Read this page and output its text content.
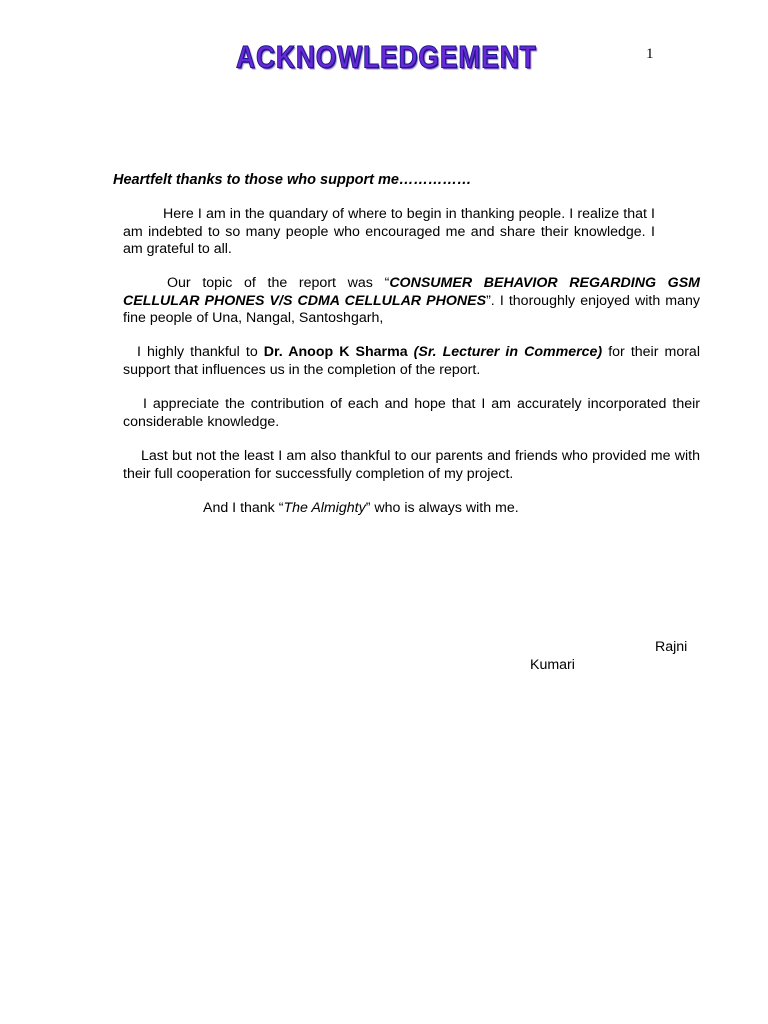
ACKNOWLEDGEMENT	1
Heartfelt thanks to those who support me……………
Here I am in the quandary of where to begin in thanking people. I realize that I am indebted to so many people who encouraged me and share their knowledge. I am grateful to all.
Our topic of the report was “CONSUMER BEHAVIOR REGARDING GSM CELLULAR PHONES V/S CDMA CELLULAR PHONES”. I thoroughly enjoyed with many fine people of Una, Nangal, Santoshgarh,
I highly thankful to Dr. Anoop K Sharma (Sr. Lecturer in Commerce) for their moral support that influences us in the completion of the report.
I appreciate the contribution of each and hope that I am accurately incorporated their considerable knowledge.
Last but not the least I am also thankful to our parents and friends who provided me with their full cooperation for successfully completion of my project.
And I thank “The Almighty” who is always with me.
Rajni
Kumari
